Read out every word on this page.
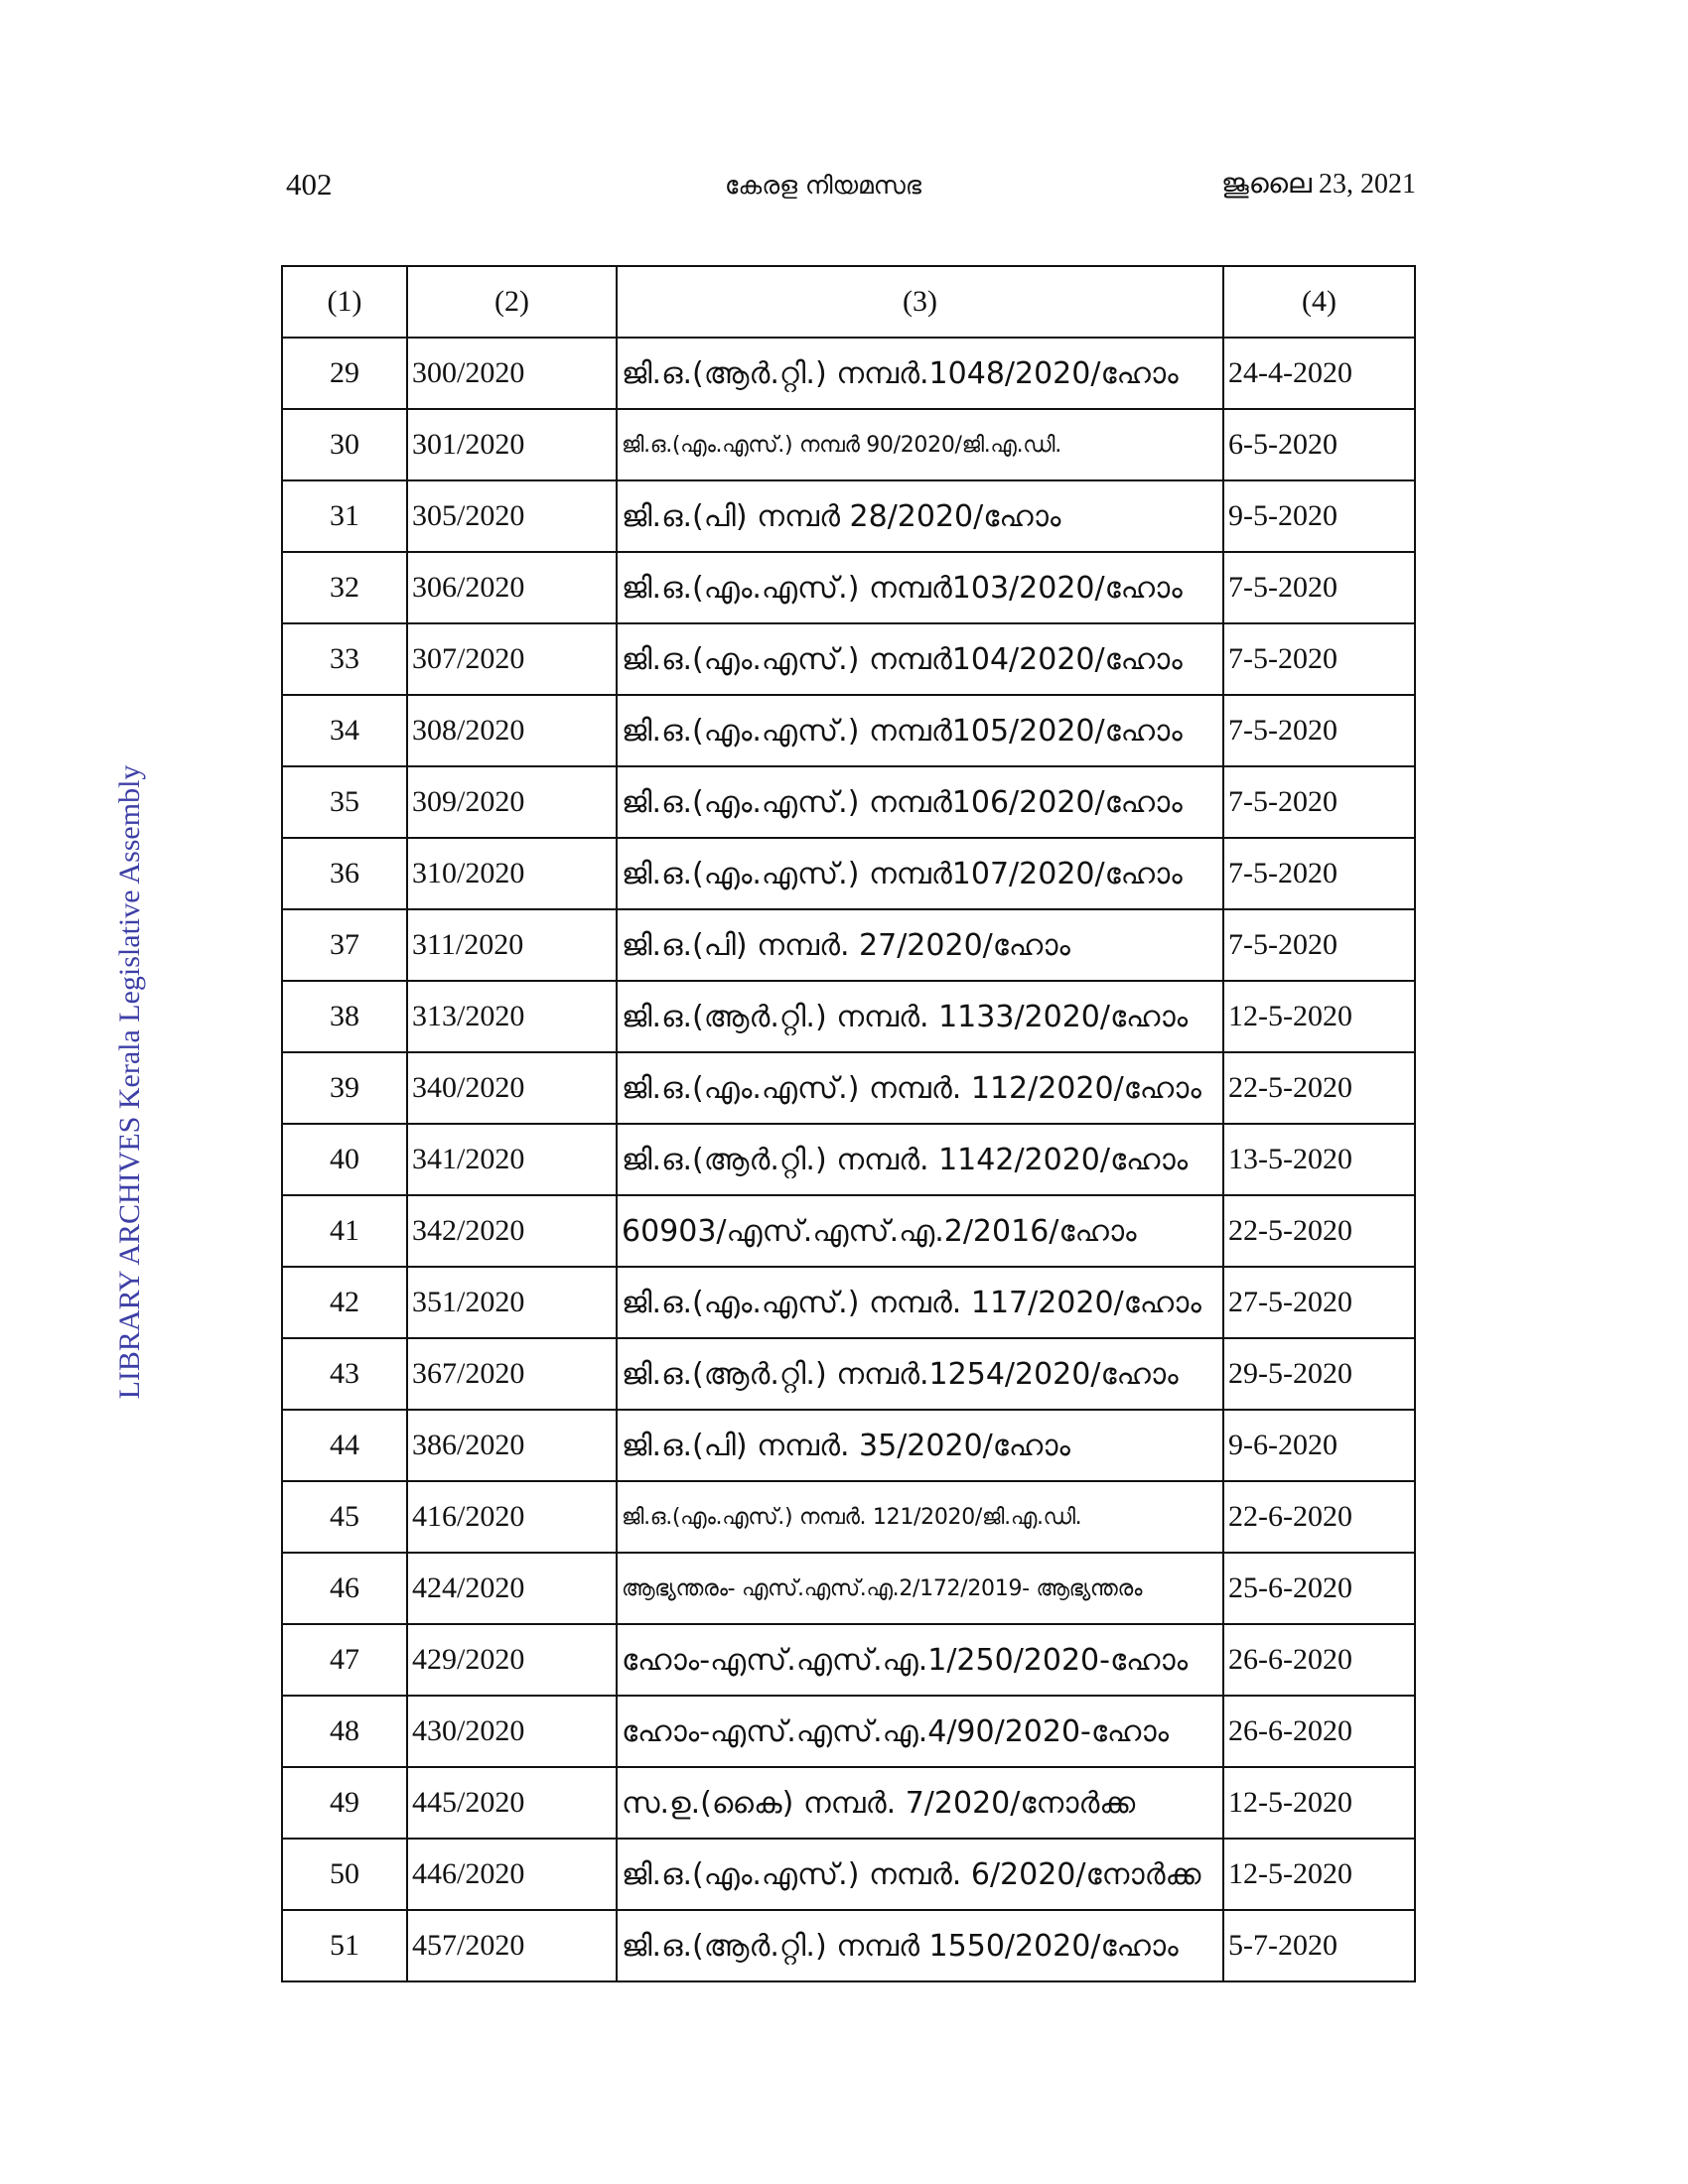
402	കേരള നിയമസഭ	ജൂലൈ 23, 2021
LIBRARY ARCHIVES Kerala Legislative Assembly
(1)	(2)	(3)	(4)
29	300/2020	ജി.ഒ.(ആർ.റ്റി.) നമ്പർ.1048/2020/ഹോം	24-4-2020
30	301/2020	ജി.ഒ.(എം.എസ്.) നമ്പർ 90/2020/ജി.എ.ഡി.	6-5-2020
31	305/2020	ജി.ഒ.(പി) നമ്പർ 28/2020/ഹോം	9-5-2020
32	306/2020	ജി.ഒ.(എം.എസ്.) നമ്പർ103/2020/ഹോം	7-5-2020
33	307/2020	ജി.ഒ.(എം.എസ്.) നമ്പർ104/2020/ഹോം	7-5-2020
34	308/2020	ജി.ഒ.(എം.എസ്.) നമ്പർ105/2020/ഹോം	7-5-2020
35	309/2020	ജി.ഒ.(എം.എസ്.) നമ്പർ106/2020/ഹോം	7-5-2020
36	310/2020	ജി.ഒ.(എം.എസ്.) നമ്പർ107/2020/ഹോം	7-5-2020
37	311/2020	ജി.ഒ.(പി) നമ്പർ. 27/2020/ഹോം	7-5-2020
38	313/2020	ജി.ഒ.(ആർ.റ്റി.) നമ്പർ. 1133/2020/ഹോം	12-5-2020
39	340/2020	ജി.ഒ.(എം.എസ്.) നമ്പർ. 112/2020/ഹോം	22-5-2020
40	341/2020	ജി.ഒ.(ആർ.റ്റി.) നമ്പർ. 1142/2020/ഹോം	13-5-2020
41	342/2020	60903/എസ്.എസ്.എ.2/2016/ഹോം	22-5-2020
42	351/2020	ജി.ഒ.(എം.എസ്.) നമ്പർ. 117/2020/ഹോം	27-5-2020
43	367/2020	ജി.ഒ.(ആർ.റ്റി.) നമ്പർ.1254/2020/ഹോം	29-5-2020
44	386/2020	ജി.ഒ.(പി) നമ്പർ. 35/2020/ഹോം	9-6-2020
45	416/2020	ജി.ഒ.(എം.എസ്.) നമ്പർ. 121/2020/ജി.എ.ഡി.	22-6-2020
46	424/2020	ആഭ്യന്തരം- എസ്.എസ്.എ.2/172/2019- ആഭ്യന്തരം	25-6-2020
47	429/2020	ഹോം-എസ്.എസ്.എ.1/250/2020-ഹോം	26-6-2020
48	430/2020	ഹോം-എസ്.എസ്.എ.4/90/2020-ഹോം	26-6-2020
49	445/2020	സ.ഉ.(കൈ) നമ്പർ. 7/2020/നോർക്ക	12-5-2020
50	446/2020	ജി.ഒ.(എം.എസ്.) നമ്പർ. 6/2020/നോർക്ക	12-5-2020
51	457/2020	ജി.ഒ.(ആർ.റ്റി.) നമ്പർ 1550/2020/ഹോം	5-7-2020
